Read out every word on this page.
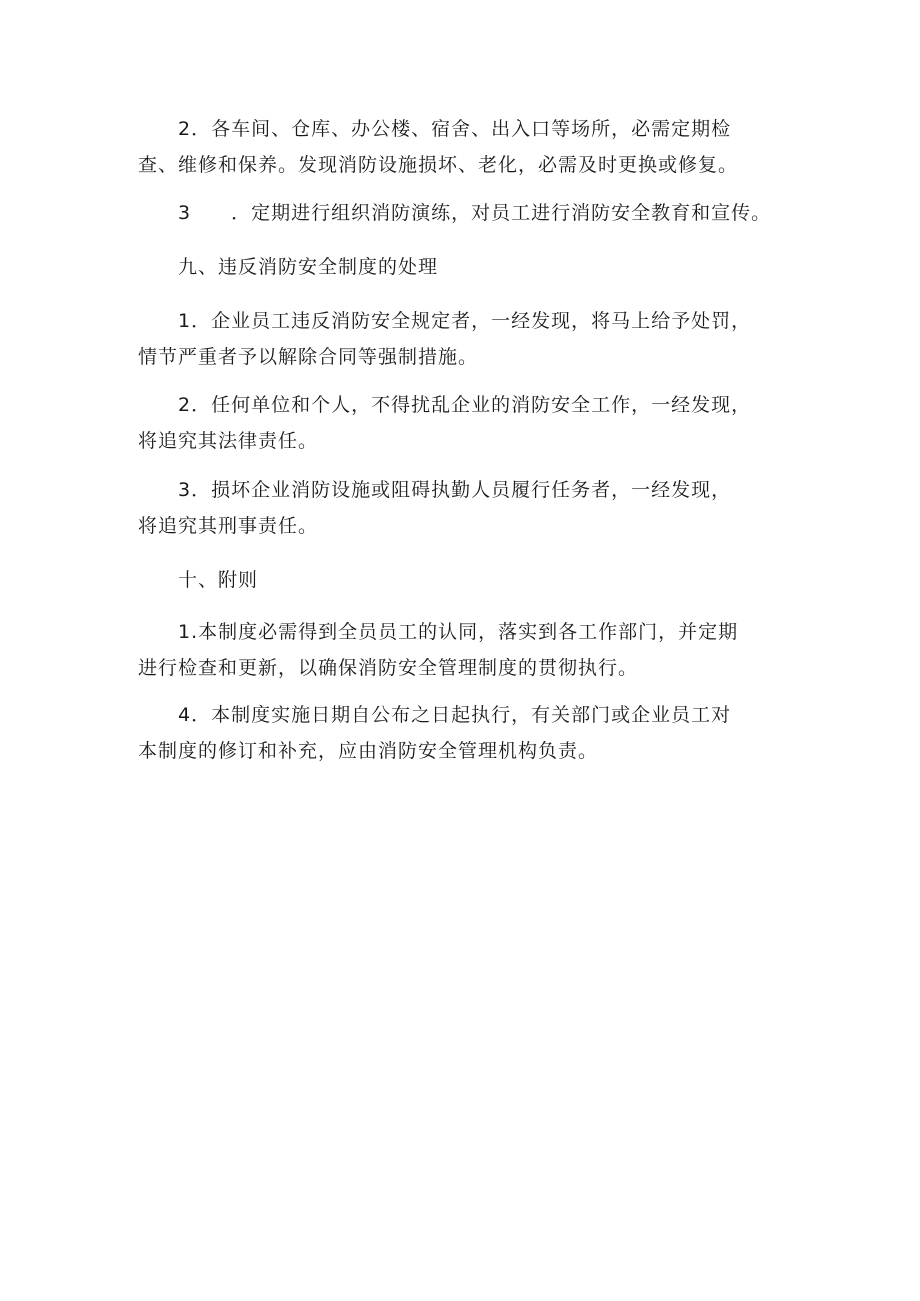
2．各车间、仓库、办公楼、宿舍、出入口等场所，必需定期检
查、维修和保养。发现消防设施损坏、老化，必需及时更换或修复。
3 ．定期进行组织消防演练，对员工进行消防安全教育和宣传。
九、违反消防安全制度的处理
1．企业员工违反消防安全规定者，一经发现，将马上给予处罚，
情节严重者予以解除合同等强制措施。
2．任何单位和个人，不得扰乱企业的消防安全工作，一经发现，
将追究其法律责任。
3．损坏企业消防设施或阻碍执勤人员履行任务者，一经发现，
将追究其刑事责任。
十、附则
1.本制度必需得到全员员工的认同，落实到各工作部门，并定期
进行检查和更新，以确保消防安全管理制度的贯彻执行。
4．本制度实施日期自公布之日起执行，有关部门或企业员工对
本制度的修订和补充，应由消防安全管理机构负责。
